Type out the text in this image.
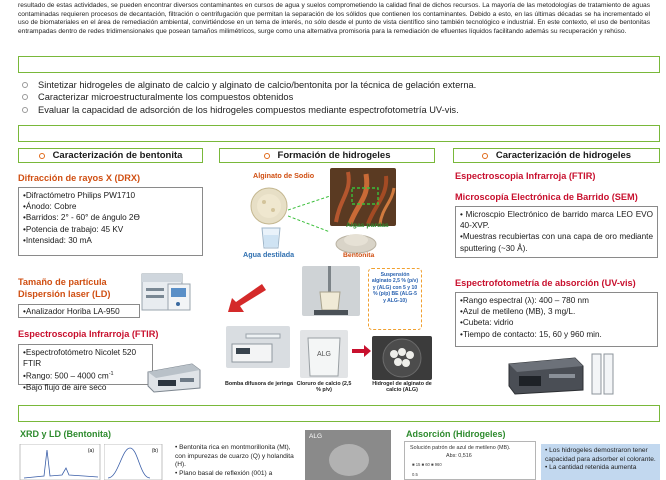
resultado de estas actividades, se pueden encontrar diversos contaminantes en cursos de agua y suelos comprometiendo la calidad final de dichos recursos. La mayoría de las metodologías de tratamiento de aguas contaminadas requieren procesos de decantación, filtración o centrifugación que permitan la separación de los sólidos que contienen los contaminantes. Debido a esto, en las últimas décadas se ha incrementado el uso de biomateriales en el área de remediación ambiental, convirtiéndose en un tema de interés, no sólo desde el punto de vista científico sino también tecnológico e industrial. En este contexto, el uso de bentonitas entrampadas dentro de redes tridimensionales que posean tamaños milimétricos, surge como una alternativa promisoria para la remediación de efluentes líquidos facilitando además su recuperación y rehúso.
Sintetizar hidrogeles de alginato de calcio y alginato de calcio/bentonita por la técnica de gelación externa.
Caracterizar microestructuralmente los compuestos obtenidos
Evaluar la capacidad de adsorción de los hidrogeles compuestos mediante espectrofotometría UV-vis.
Caracterización de bentonita	Formación de hidrogeles	Caracterización de hidrogeles
Difracción de rayos X (DRX)
•Difractómetro Philips PW1710
•Ánodo: Cobre
•Barridos: 2° - 60° de ángulo 2ϴ
•Potencia de trabajo: 45 KV
•Intensidad: 30 mA
Tamaño de partícula
Dispersión laser (LD)
•Analizador Horiba LA-950
Espectroscopia Infrarroja (FTIR)
•Espectrofotómetro Nicolet 520 FTIR
•Rango: 500 – 4000 $cm^{-1}$
•Bajo flujo de aire seco
Alginato de Sodio
Algas pardas
Agua destilada	Bentonita
Suspensión alginato 2,5 % (p/v) y (ALG) con 5 y 10 % (p/p) BE (ALG-5 y ALG-10)
Bomba difusora de jeringa
ALG
Cloruro de calcio (2,5 % p/v)
Hidrogel de alginato de calcio (ALG)
Espectroscopia Infrarroja (FTIR)
Microscopía Electrónica de Barrido (SEM)
• Microscpio Electrónico de barrido marca LEO EVO 40-XVP.
•Muestras recubiertas con una capa de oro mediante sputtering (~30 Å).
Espectrofotometría de absorción (UV-vis)
•Rango espectral (λ): 400 – 780 nm
•Azul de metileno (MB), 3 mg/L.
•Cubeta: vidrio
•Tiempo de contacto: 15, 60 y 960 min.
XRD y LD (Bentonita)
(a)	(b)	• Bentonita rica en montmorillonita (Mt), con impurezas de cuarzo (Q) y holandita (H).
• Plano basal de reflexión (001) a
ALG	Adsorción (Hidrogeles)
Solución patrón de azul de metileno (MB).
Abs: 0,516
■ 15 ■ 60 ■ 960
0.5
• Los hidrogeles demostraron tener capacidad para adsorber el colorante.
• La cantidad retenida aumenta
